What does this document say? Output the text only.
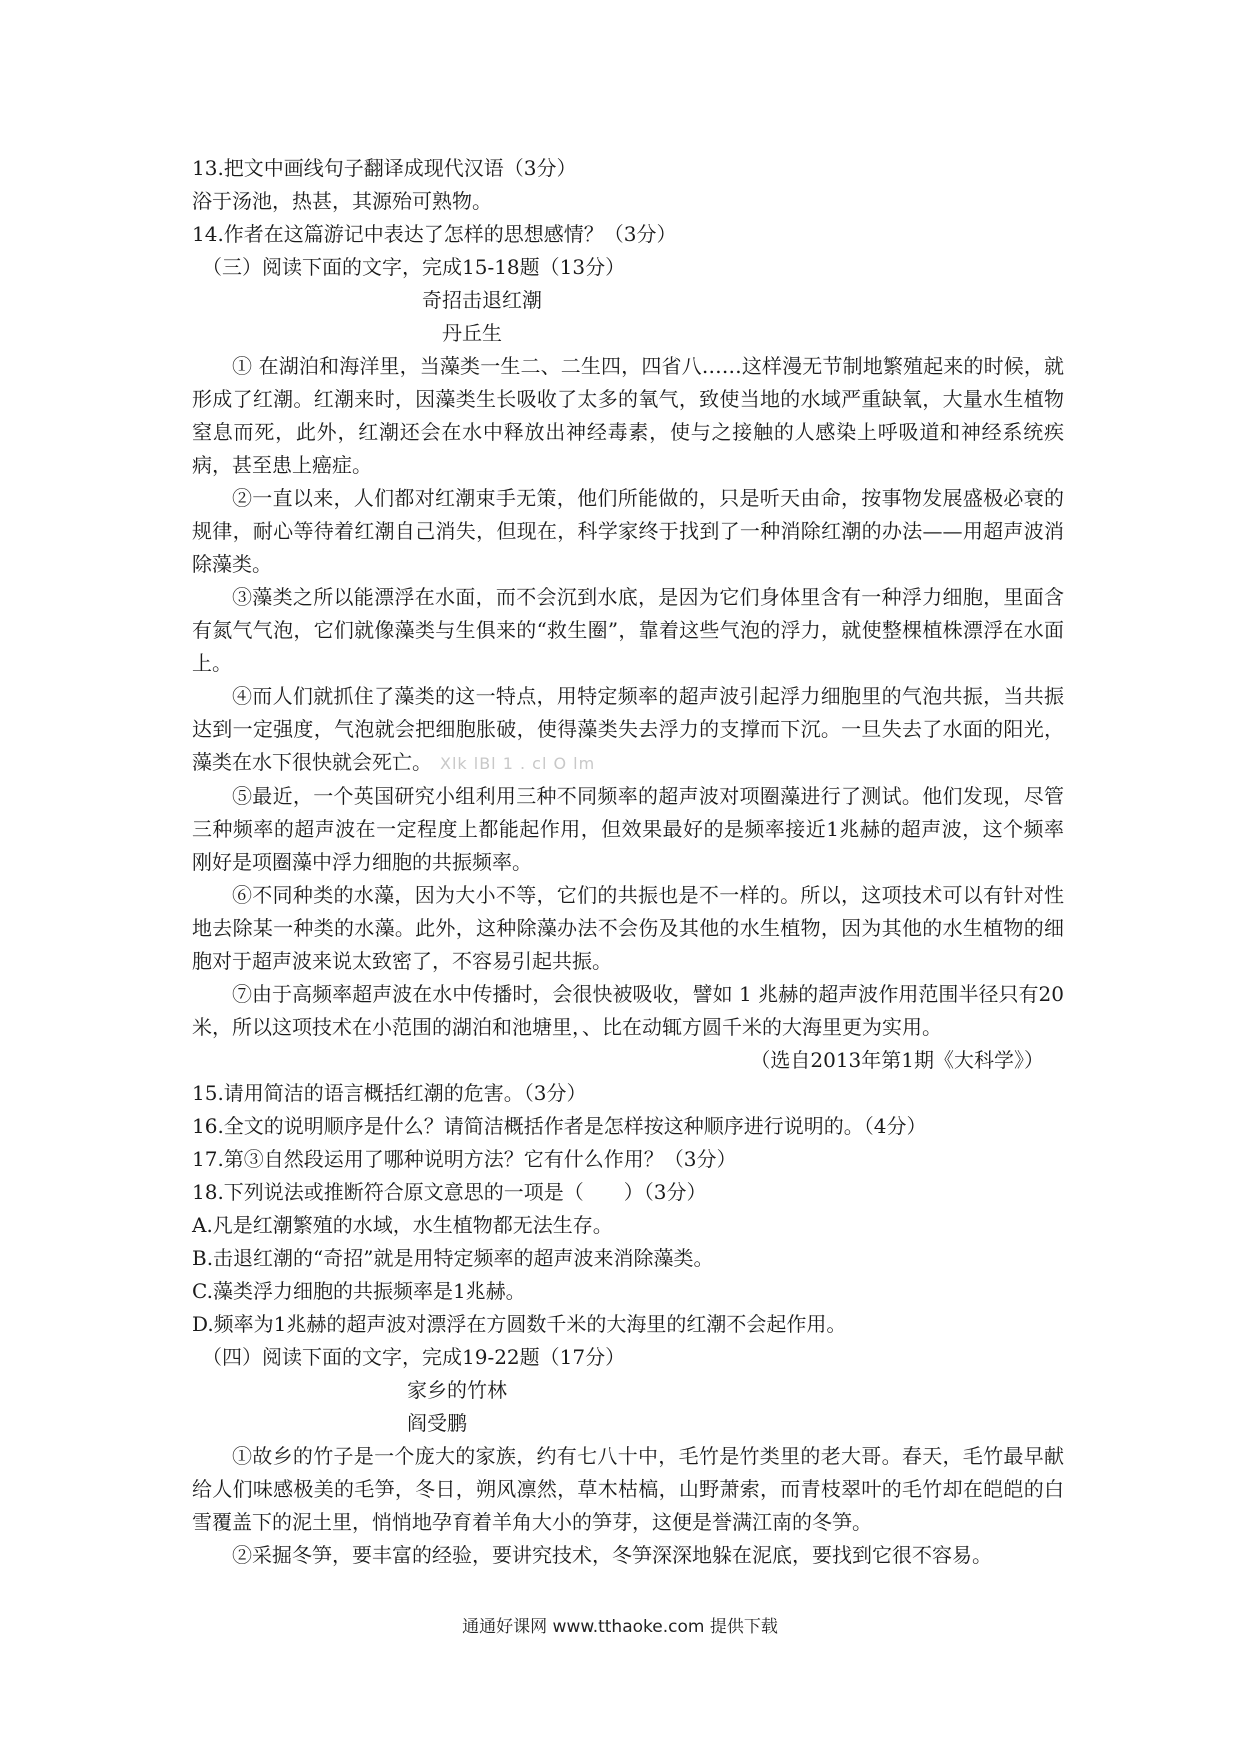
13.把文中画线句子翻译成现代汉语（3分）
浴于汤池，热甚，其源殆可熟物。
14.作者在这篇游记中表达了怎样的思想感情？（3分）
（三）阅读下面的文字，完成15-18题（13分）
奇招击退红潮
丹丘生
① 在湖泊和海洋里，当藻类一生二、二生四，四省八……这样漫无节制地繁殖起来的时候，就形成了红潮。红潮来时，因藻类生长吸收了太多的氧气，致使当地的水域严重缺氧，大量水生植物窒息而死，此外，红潮还会在水中释放出神经毒素，使与之接触的人感染上呼吸道和神经系统疾病，甚至患上癌症。
②一直以来，人们都对红潮束手无策，他们所能做的，只是听天由命，按事物发展盛极必衰的规律，耐心等待着红潮自己消失，但现在，科学家终于找到了一种消除红潮的办法——用超声波消除藻类。
③藻类之所以能漂浮在水面，而不会沉到水底，是因为它们身体里含有一种浮力细胞，里面含有氮气气泡，它们就像藻类与生俱来的“救生圈”，靠着这些气泡的浮力，就使整棵植株漂浮在水面上。
④而人们就抓住了藻类的这一特点，用特定频率的超声波引起浮力细胞里的气泡共振，当共振达到一定强度，气泡就会把细胞胀破，使得藻类失去浮力的支撑而下沉。一旦失去了水面的阳光，藻类在水下很快就会死亡。 Xlk lBl 1 . cl O lm
⑤最近，一个英国研究小组利用三种不同频率的超声波对项圈藻进行了测试。他们发现，尽管三种频率的超声波在一定程度上都能起作用，但效果最好的是频率接近1兆赫的超声波，这个频率刚好是项圈藻中浮力细胞的共振频率。
⑥不同种类的水藻，因为大小不等，它们的共振也是不一样的。所以，这项技术可以有针对性地去除某一种类的水藻。此外，这种除藻办法不会伤及其他的水生植物，因为其他的水生植物的细胞对于超声波来说太致密了，不容易引起共振。
⑦由于高频率超声波在水中传播时，会很快被吸收，譬如 1 兆赫的超声波作用范围半径只有20米，所以这项技术在小范围的湖泊和池塘里，、比在动辄方圆千米的大海里更为实用。
（选自2013年第1期《大科学》）
15.请用简洁的语言概括红潮的危害。（3分）
16.全文的说明顺序是什么？请简洁概括作者是怎样按这种顺序进行说明的。（4分）
17.第③自然段运用了哪种说明方法？它有什么作用？（3分）
18.下列说法或推断符合原文意思的一项是（　　）（3分）
A.凡是红潮繁殖的水域，水生植物都无法生存。
B.击退红潮的“奇招”就是用特定频率的超声波来消除藻类。
C.藻类浮力细胞的共振频率是1兆赫。
D.频率为1兆赫的超声波对漂浮在方圆数千米的大海里的红潮不会起作用。
（四）阅读下面的文字，完成19-22题（17分）
家乡的竹林
阎受鹏
①故乡的竹子是一个庞大的家族，约有七八十中，毛竹是竹类里的老大哥。春天，毛竹最早献给人们味感极美的毛笋，冬日，朔风凛然，草木枯槁，山野萧索，而青枝翠叶的毛竹却在皑皑的白雪覆盖下的泥土里，悄悄地孕育着羊角大小的笋芽，这便是誉满江南的冬笋。
②采掘冬笋，要丰富的经验，要讲究技术，冬笋深深地躲在泥底，要找到它很不容易。
通通好课网 www.tthaoke.com 提供下载
